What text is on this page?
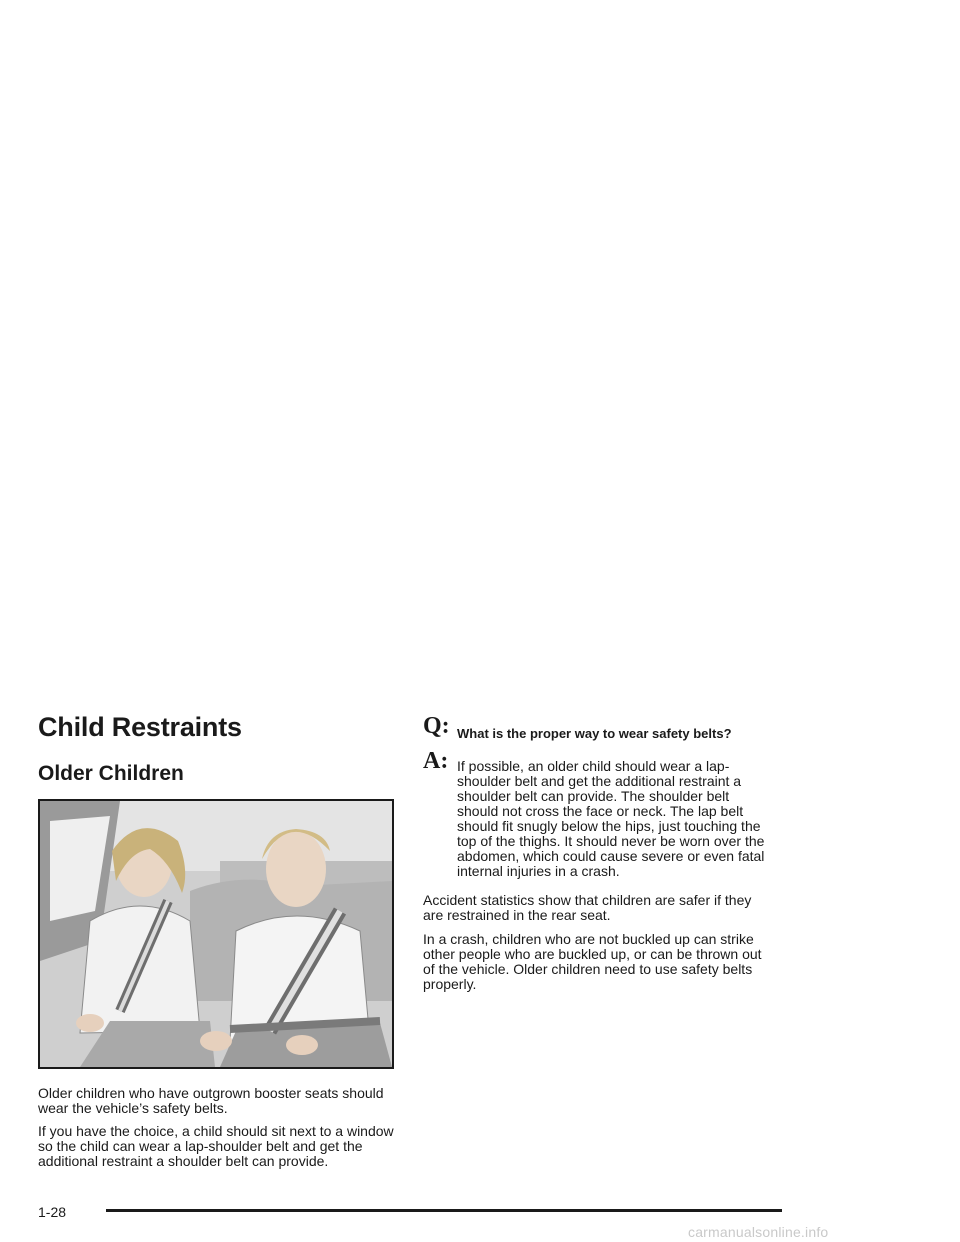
Child Restraints
Older Children

Older children who have outgrown booster seats should wear the vehicle’s safety belts.

If you have the choice, a child should sit next to a window so the child can wear a lap-shoulder belt and get the additional restraint a shoulder belt can provide.

Q: What is the proper way to wear safety belts?

A: If possible, an older child should wear a lap-shoulder belt and get the additional restraint a shoulder belt can provide. The shoulder belt should not cross the face or neck. The lap belt should fit snugly below the hips, just touching the top of the thighs. It should never be worn over the abdomen, which could cause severe or even fatal internal injuries in a crash.

Accident statistics show that children are safer if they are restrained in the rear seat.

In a crash, children who are not buckled up can strike other people who are buckled up, or can be thrown out of the vehicle. Older children need to use safety belts properly.

1-28
carmanualsonline.info
